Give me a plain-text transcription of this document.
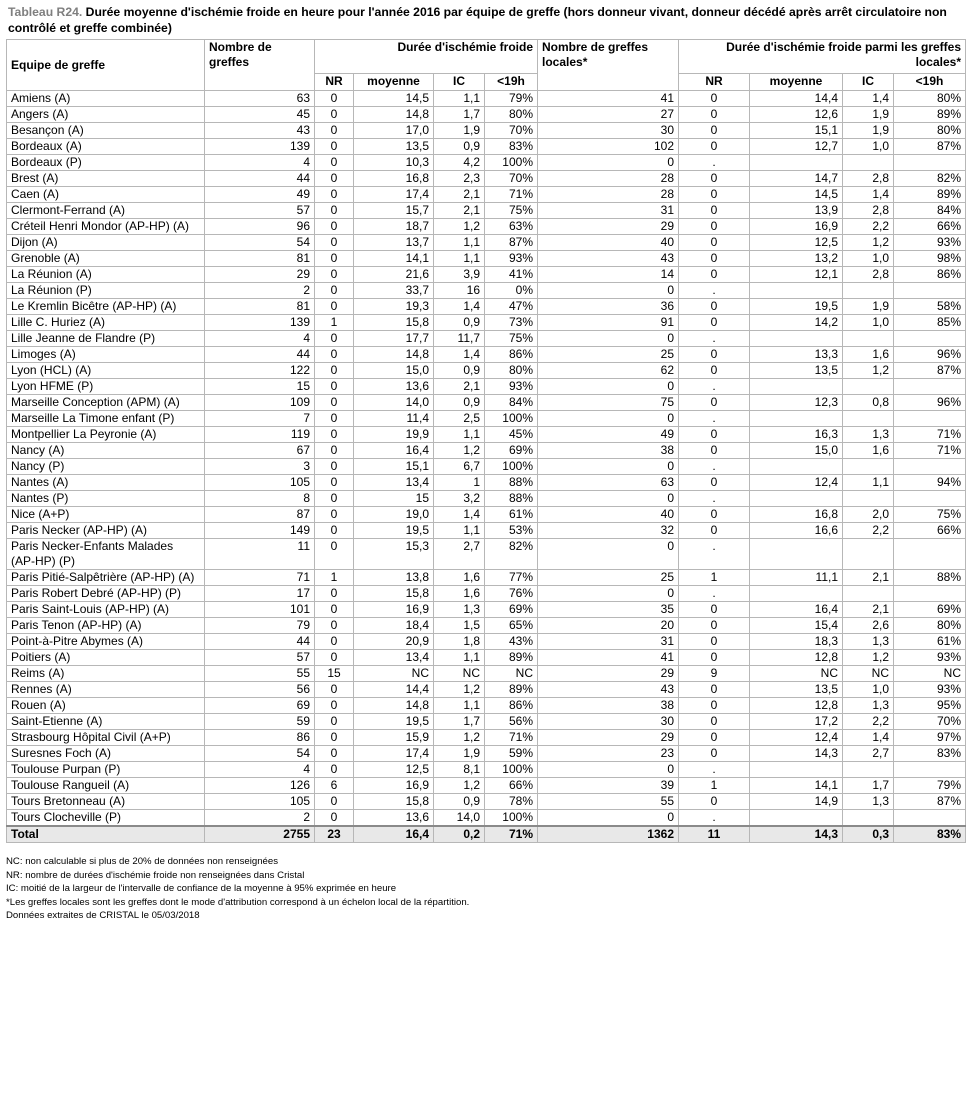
Tableau R24. Durée moyenne d'ischémie froide en heure pour l'année 2016 par équipe de greffe (hors donneur vivant, donneur décédé après arrêt circulatoire non contrôlé et greffe combinée)
Equipe de greffe	Nombre de greffes	Durée d'ischémie froide				Nombre de greffes locales*	Durée d'ischémie froide parmi les greffes locales*			
		NR	moyenne	IC	<19h		NR	moyenne	IC	<19h
Amiens (A)	63	0	14,5	1,1	79%	41	0	14,4	1,4	80%
Angers (A)	45	0	14,8	1,7	80%	27	0	12,6	1,9	89%
Besançon (A)	43	0	17,0	1,9	70%	30	0	15,1	1,9	80%
Bordeaux (A)	139	0	13,5	0,9	83%	102	0	12,7	1,0	87%
Bordeaux (P)	4	0	10,3	4,2	100%	0	.			
Brest (A)	44	0	16,8	2,3	70%	28	0	14,7	2,8	82%
Caen (A)	49	0	17,4	2,1	71%	28	0	14,5	1,4	89%
Clermont-Ferrand (A)	57	0	15,7	2,1	75%	31	0	13,9	2,8	84%
Créteil Henri Mondor (AP-HP) (A)	96	0	18,7	1,2	63%	29	0	16,9	2,2	66%
Dijon (A)	54	0	13,7	1,1	87%	40	0	12,5	1,2	93%
Grenoble (A)	81	0	14,1	1,1	93%	43	0	13,2	1,0	98%
La Réunion (A)	29	0	21,6	3,9	41%	14	0	12,1	2,8	86%
La Réunion (P)	2	0	33,7	16	0%	0	.			
Le Kremlin Bicêtre (AP-HP) (A)	81	0	19,3	1,4	47%	36	0	19,5	1,9	58%
Lille C. Huriez (A)	139	1	15,8	0,9	73%	91	0	14,2	1,0	85%
Lille Jeanne de Flandre (P)	4	0	17,7	11,7	75%	0	.			
Limoges (A)	44	0	14,8	1,4	86%	25	0	13,3	1,6	96%
Lyon (HCL) (A)	122	0	15,0	0,9	80%	62	0	13,5	1,2	87%
Lyon HFME (P)	15	0	13,6	2,1	93%	0	.			
Marseille Conception (APM) (A)	109	0	14,0	0,9	84%	75	0	12,3	0,8	96%
Marseille La Timone enfant (P)	7	0	11,4	2,5	100%	0	.			
Montpellier La Peyronie (A)	119	0	19,9	1,1	45%	49	0	16,3	1,3	71%
Nancy (A)	67	0	16,4	1,2	69%	38	0	15,0	1,6	71%
Nancy (P)	3	0	15,1	6,7	100%	0	.			
Nantes (A)	105	0	13,4	1	88%	63	0	12,4	1,1	94%
Nantes (P)	8	0	15	3,2	88%	0	.			
Nice (A+P)	87	0	19,0	1,4	61%	40	0	16,8	2,0	75%
Paris Necker (AP-HP) (A)	149	0	19,5	1,1	53%	32	0	16,6	2,2	66%
Paris Necker-Enfants Malades (AP-HP) (P)	11	0	15,3	2,7	82%	0	.			
Paris Pitié-Salpêtrière (AP-HP) (A)	71	1	13,8	1,6	77%	25	1	11,1	2,1	88%
Paris Robert Debré (AP-HP) (P)	17	0	15,8	1,6	76%	0	.			
Paris Saint-Louis (AP-HP) (A)	101	0	16,9	1,3	69%	35	0	16,4	2,1	69%
Paris Tenon (AP-HP) (A)	79	0	18,4	1,5	65%	20	0	15,4	2,6	80%
Point-à-Pitre Abymes (A)	44	0	20,9	1,8	43%	31	0	18,3	1,3	61%
Poitiers (A)	57	0	13,4	1,1	89%	41	0	12,8	1,2	93%
Reims (A)	55	15	NC	NC	NC	29	9	NC	NC	NC
Rennes (A)	56	0	14,4	1,2	89%	43	0	13,5	1,0	93%
Rouen (A)	69	0	14,8	1,1	86%	38	0	12,8	1,3	95%
Saint-Etienne (A)	59	0	19,5	1,7	56%	30	0	17,2	2,2	70%
Strasbourg Hôpital Civil (A+P)	86	0	15,9	1,2	71%	29	0	12,4	1,4	97%
Suresnes Foch (A)	54	0	17,4	1,9	59%	23	0	14,3	2,7	83%
Toulouse Purpan (P)	4	0	12,5	8,1	100%	0	.			
Toulouse Rangueil (A)	126	6	16,9	1,2	66%	39	1	14,1	1,7	79%
Tours Bretonneau (A)	105	0	15,8	0,9	78%	55	0	14,9	1,3	87%
Tours Clocheville (P)	2	0	13,6	14,0	100%	0	.			
Total	2755	23	16,4	0,2	71%	1362	11	14,3	0,3	83%
NC: non calculable si plus de 20% de données non renseignées
NR: nombre de durées d'ischémie froide non renseignées dans Cristal
IC: moitié de la largeur de l'intervalle de confiance de la moyenne à 95% exprimée en heure
*Les greffes locales sont les greffes dont le mode d'attribution correspond à un échelon local de la répartition.
Données extraites de CRISTAL le 05/03/2018
